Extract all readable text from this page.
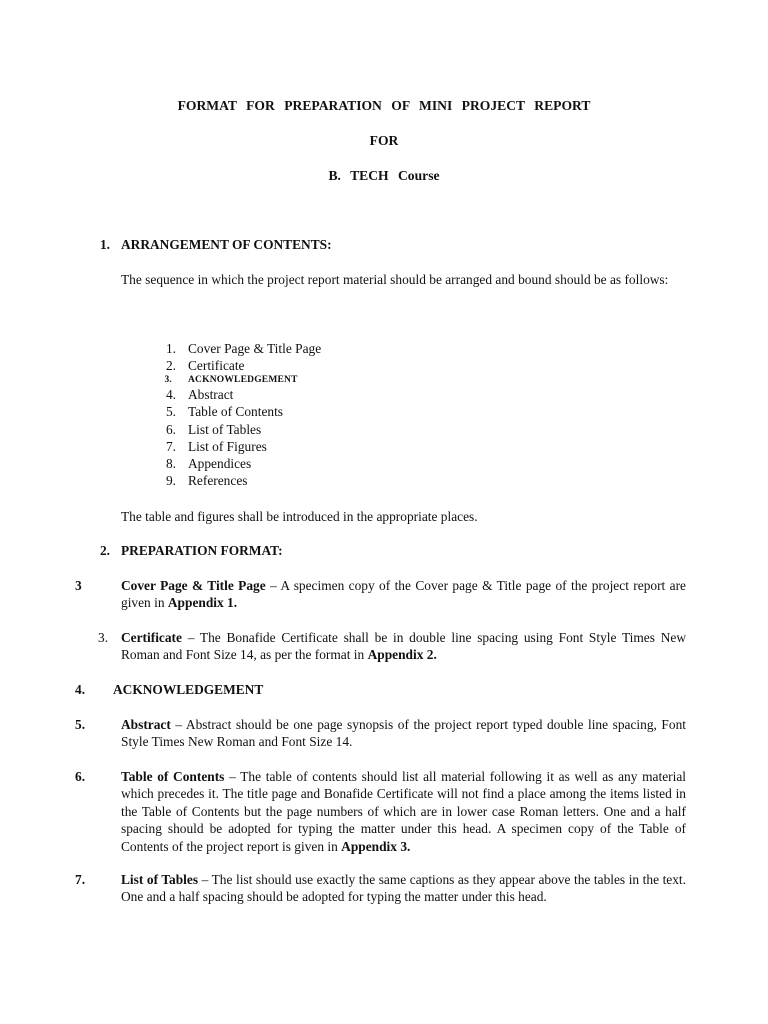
FORMAT FOR PREPARATION OF MINI PROJECT REPORT
FOR
B. TECH Course
1. ARRANGEMENT OF CONTENTS:
The sequence in which the project report material should be arranged and bound should be as follows:
1. Cover Page & Title Page
2. Certificate
3. ACKNOWLEDGEMENT
4. Abstract
5. Table of Contents
6. List of Tables
7. List of Figures
8. Appendices
9. References
The table and figures shall be introduced in the appropriate places.
2. PREPARATION FORMAT:
3	Cover Page & Title Page – A specimen copy of the Cover page & Title page of the project report are given in Appendix 1.
3. Certificate – The Bonafide Certificate shall be in double line spacing using Font Style Times New Roman and Font Size 14, as per the format in Appendix 2.
4. ACKNOWLEDGEMENT
5.	Abstract – Abstract should be one page synopsis of the project report typed double line spacing, Font Style Times New Roman and Font Size 14.
6.	Table of Contents – The table of contents should list all material following it as well as any material which precedes it. The title page and Bonafide Certificate will not find a place among the items listed in the Table of Contents but the page numbers of which are in lower case Roman letters. One and a half spacing should be adopted for typing the matter under this head. A specimen copy of the Table of Contents of the project report is given in Appendix 3.
7.	List of Tables – The list should use exactly the same captions as they appear above the tables in the text. One and a half spacing should be adopted for typing the matter under this head.
